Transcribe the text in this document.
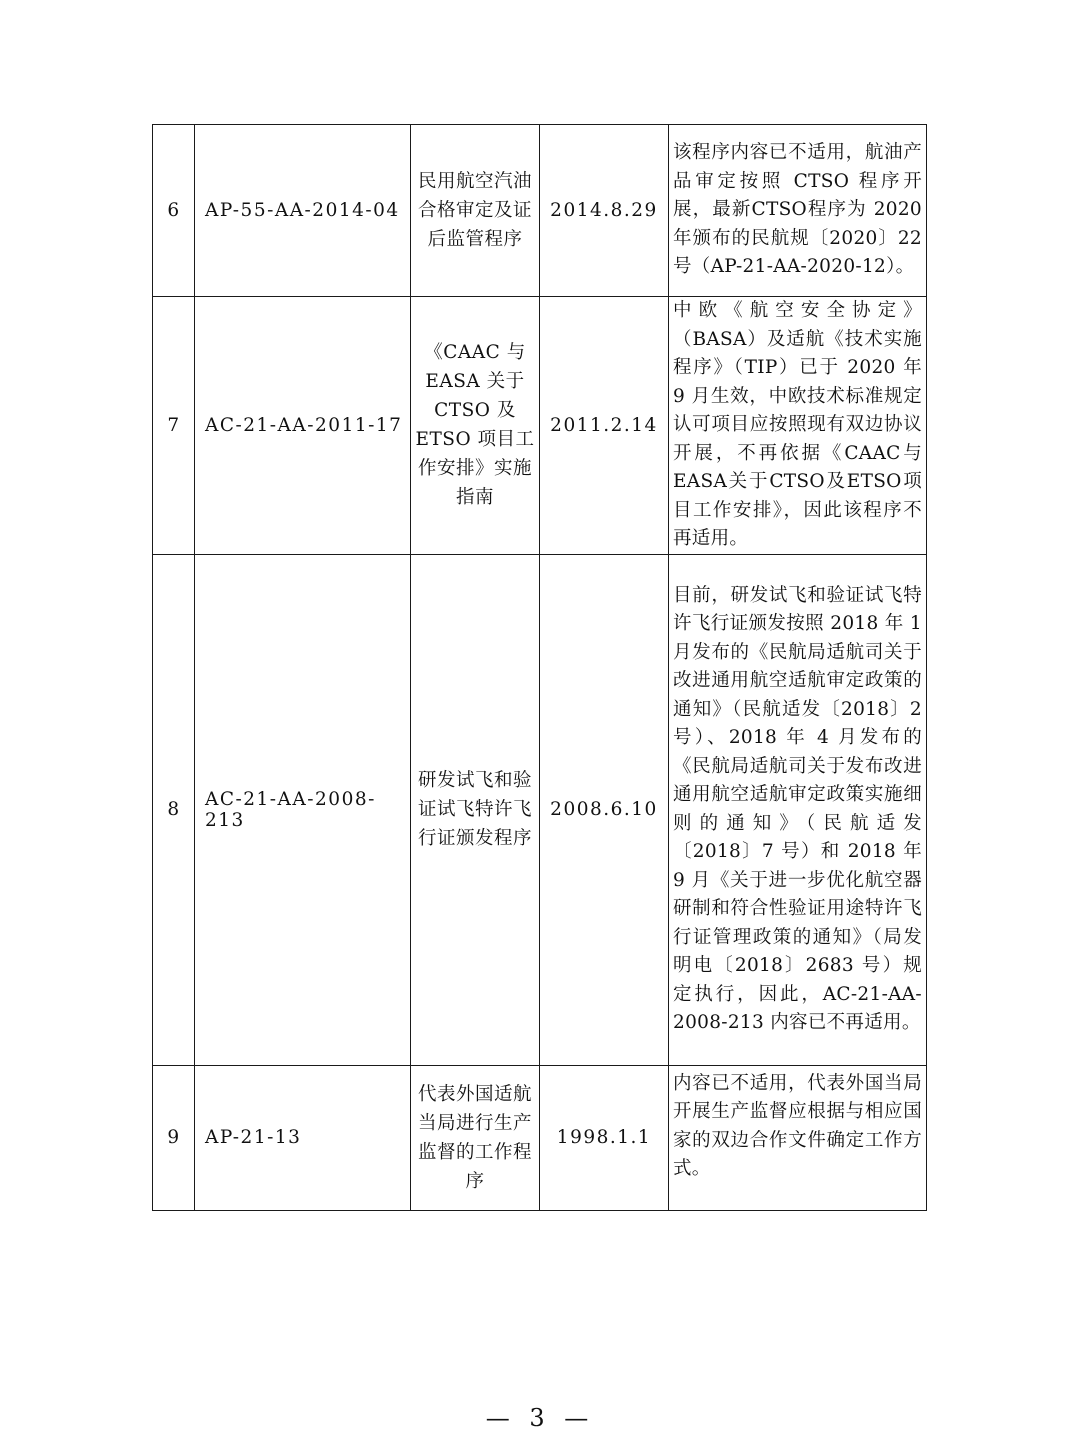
6	AP-55-AA-2014-04	民用航空汽油合格审定及证后监管程序	2014.8.29	该程序内容已不适用，航油产品审定按照 CTSO 程序开展，最新CTSO程序为 2020 年颁布的民航规〔2020〕22 号（AP-21-AA-2020-12）。
7	AC-21-AA-2011-17	《CAAC 与 EASA 关于 CTSO 及 ETSO 项目工作安排》实施指南	2011.2.14	中欧《航空安全协定》（BASA）及适航《技术实施程序》（TIP）已于 2020 年 9 月生效，中欧技术标准规定认可项目应按照现有双边协议开展，不再依据《CAAC与EASA关于CTSO及ETSO项目工作安排》，因此该程序不再适用。
8	AC-21-AA-2008-213	研发试飞和验证试飞特许飞行证颁发程序	2008.6.10	目前，研发试飞和验证试飞特许飞行证颁发按照 2018 年 1 月发布的《民航局适航司关于改进通用航空适航审定政策的通知》（民航适发〔2018〕2 号）、2018 年 4 月发布的《民航局适航司关于发布改进通用航空适航审定政策实施细则的通知》（民航适发〔2018〕7 号）和 2018 年 9 月《关于进一步优化航空器研制和符合性验证用途特许飞行证管理政策的通知》（局发明电〔2018〕2683 号）规定执行，因此，AC-21-AA-2008-213 内容已不再适用。
9	AP-21-13	代表外国适航当局进行生产监督的工作程序	1998.1.1	内容已不适用，代表外国当局开展生产监督应根据与相应国家的双边合作文件确定工作方式。
— 3 —
